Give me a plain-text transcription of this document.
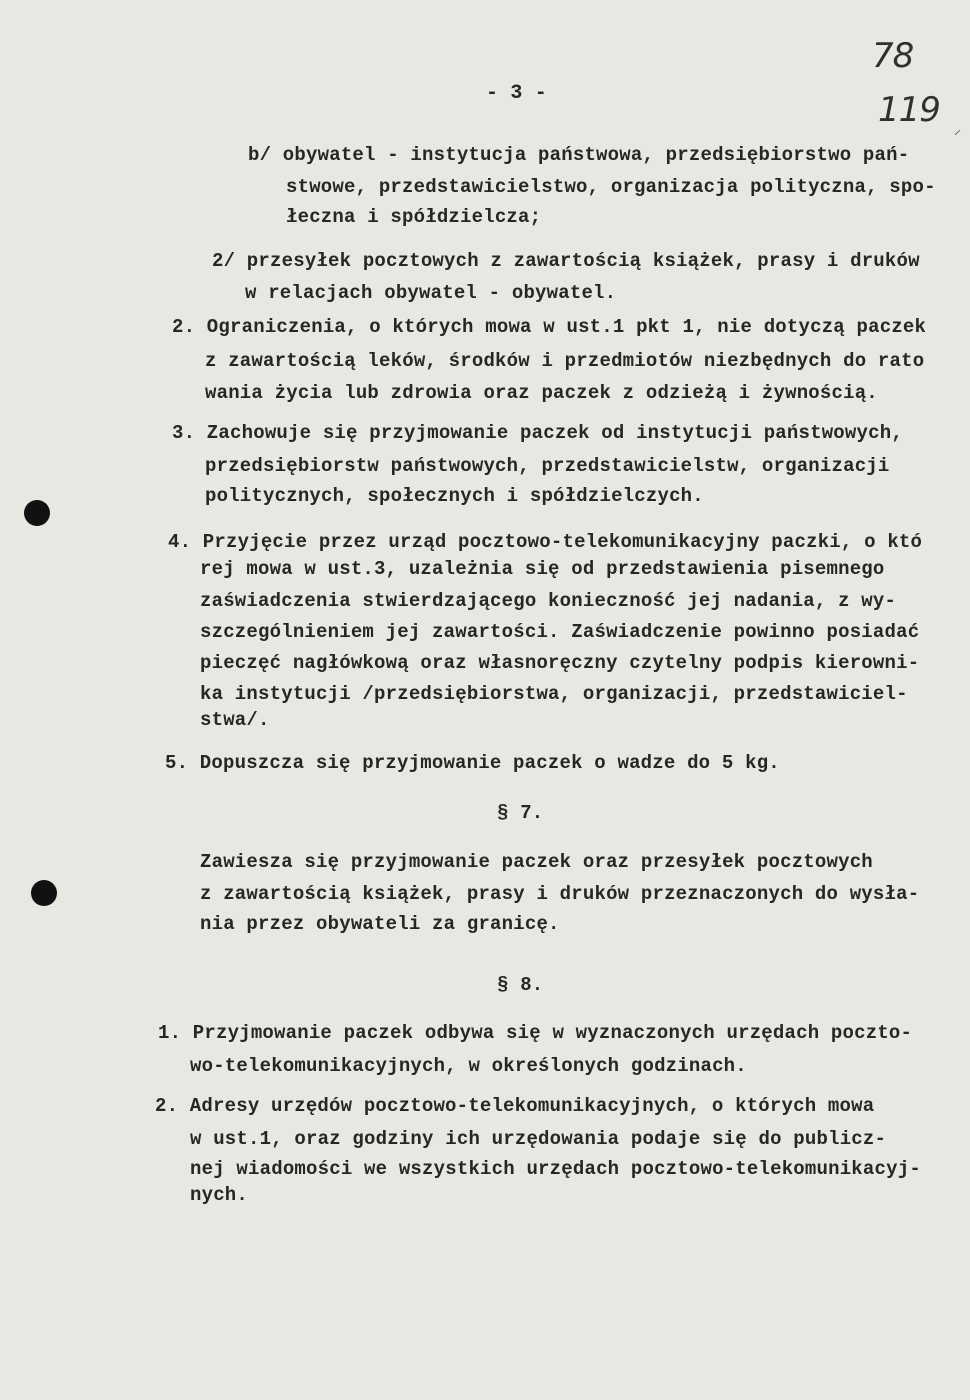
- 3 -
78
119
⸝
b/ obywatel - instytucja państwowa, przedsiębiorstwo pań-
stwowe, przedstawicielstwo, organizacja polityczna, spo-
łeczna i spółdzielcza;
2/ przesyłek pocztowych z zawartością książek, prasy i druków
w relacjach obywatel - obywatel.
2. Ograniczenia, o których mowa w ust.1 pkt 1, nie dotyczą paczek
z zawartością leków, środków i przedmiotów niezbędnych do rato
wania życia lub zdrowia oraz paczek z odzieżą i żywnością.
3. Zachowuje się przyjmowanie paczek od instytucji państwowych,
przedsiębiorstw państwowych, przedstawicielstw, organizacji
politycznych, społecznych i spółdzielczych.
4. Przyjęcie przez urząd pocztowo-telekomunikacyjny paczki, o któ
rej mowa w ust.3, uzależnia się od przedstawienia pisemnego
zaświadczenia stwierdzającego konieczność jej nadania, z wy-
szczególnieniem jej zawartości. Zaświadczenie powinno posiadać
pieczęć nagłówkową oraz własnoręczny czytelny podpis kierowni-
ka instytucji /przedsiębiorstwa, organizacji, przedstawiciel-
stwa/.
5. Dopuszcza się przyjmowanie paczek o wadze do 5 kg.
§ 7.
Zawiesza się przyjmowanie paczek oraz przesyłek pocztowych
z zawartością książek, prasy i druków przeznaczonych do wysła-
nia przez obywateli za granicę.
§ 8.
1. Przyjmowanie paczek odbywa się w wyznaczonych urzędach poczto-
wo-telekomunikacyjnych, w określonych godzinach.
2. Adresy urzędów pocztowo-telekomunikacyjnych, o których mowa
w ust.1, oraz godziny ich urzędowania podaje się do publicz-
nej wiadomości we wszystkich urzędach pocztowo-telekomunikacyj-
nych.
